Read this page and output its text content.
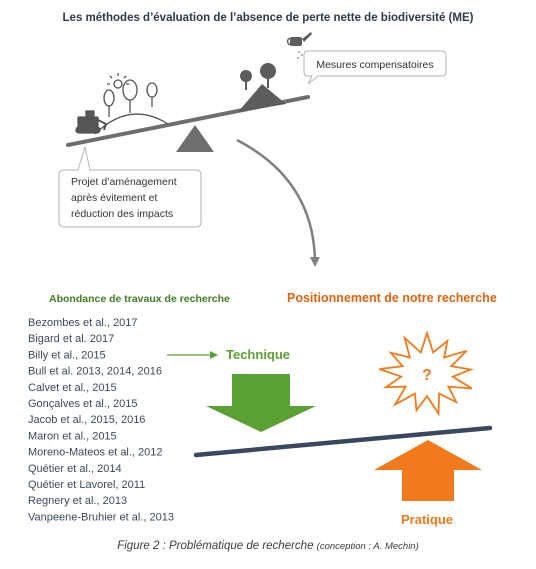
Les méthodes d’évaluation de l’absence de perte nette de biodiversité (ME)
Mesures compensatoires
Projet d’aménagement
après évitement et
réduction des impacts
Abondance de travaux de recherche	Positionnement de notre recherche
Bezombes et al., 2017
Bigard et al. 2017
Billy et al., 2015
Bull et al. 2013, 2014, 2016
Calvet et al., 2015
Gonçalves et al., 2015
Jacob et al., 2015, 2016
Maron et al., 2015
Moreno-Mateos et al., 2012
Quétier et al., 2014
Quétier et Lavorel, 2011
Regnery et al., 2013
Vanpeene-Bruhier et al., 2013
Technique
?
Pratique
Figure 2 : Problématique de recherche (conception : A. Mechin)
